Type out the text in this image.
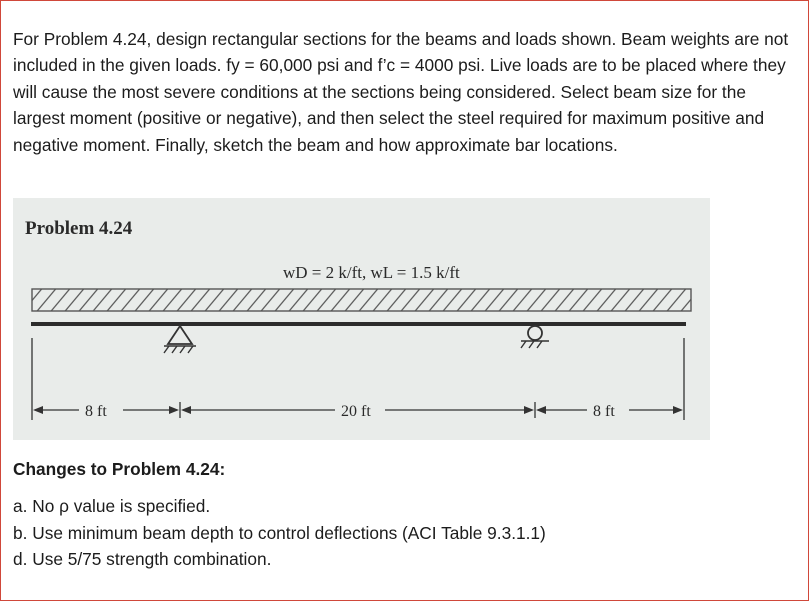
For Problem 4.24, design rectangular sections for the beams and loads shown. Beam weights are not included in the given loads. fy = 60,000 psi and f’c = 4000 psi. Live loads are to be placed where they will cause the most severe conditions at the sections being considered. Select beam size for the largest moment (positive or negative), and then select the steel required for maximum positive and negative moment. Finally, sketch the beam and how approximate bar locations.
Problem 4.24
wD = 2 k/ft, wL = 1.5 k/ft
8 ft	20 ft	8 ft
Changes to Problem 4.24:
a. No ρ value is specified.
b. Use minimum beam depth to control deflections (ACI Table 9.3.1.1)
d. Use 5/75 strength combination.
